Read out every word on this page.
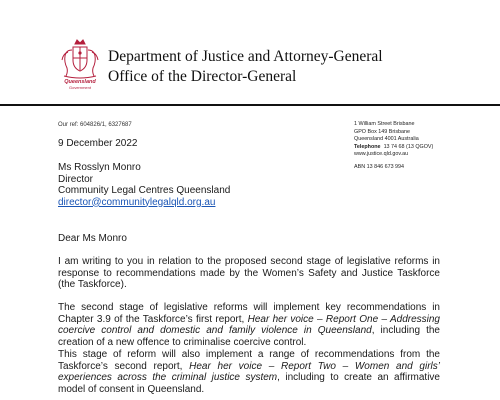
Queensland
Government
Department of Justice and Attorney-General
Office of the Director-General
Our ref: 604826/1, 6327687
9 December 2022
Ms Rosslyn Monro
Director
Community Legal Centres Queensland
director@communitylegalqld.org.au
1 William Street Brisbane
GPO Box 149 Brisbane
Queensland 4001 Australia
Telephone 13 74 68 (13 QGOV)
www.justice.qld.gov.au
ABN 13 846 673 994
Dear Ms Monro

I am writing to you in relation to the proposed second stage of legislative reforms in response to recommendations made by the Women’s Safety and Justice Taskforce (the Taskforce).

The second stage of legislative reforms will implement key recommendations in Chapter 3.9 of the Taskforce’s first report, Hear her voice – Report One – Addressing coercive control and domestic and family violence in Queensland, including the creation of a new offence to criminalise coercive control.

This stage of reform will also implement a range of recommendations from the Taskforce’s second report, Hear her voice – Report Two – Women and girls’ experiences across the criminal justice system, including to create an affirmative model of consent in Queensland.
